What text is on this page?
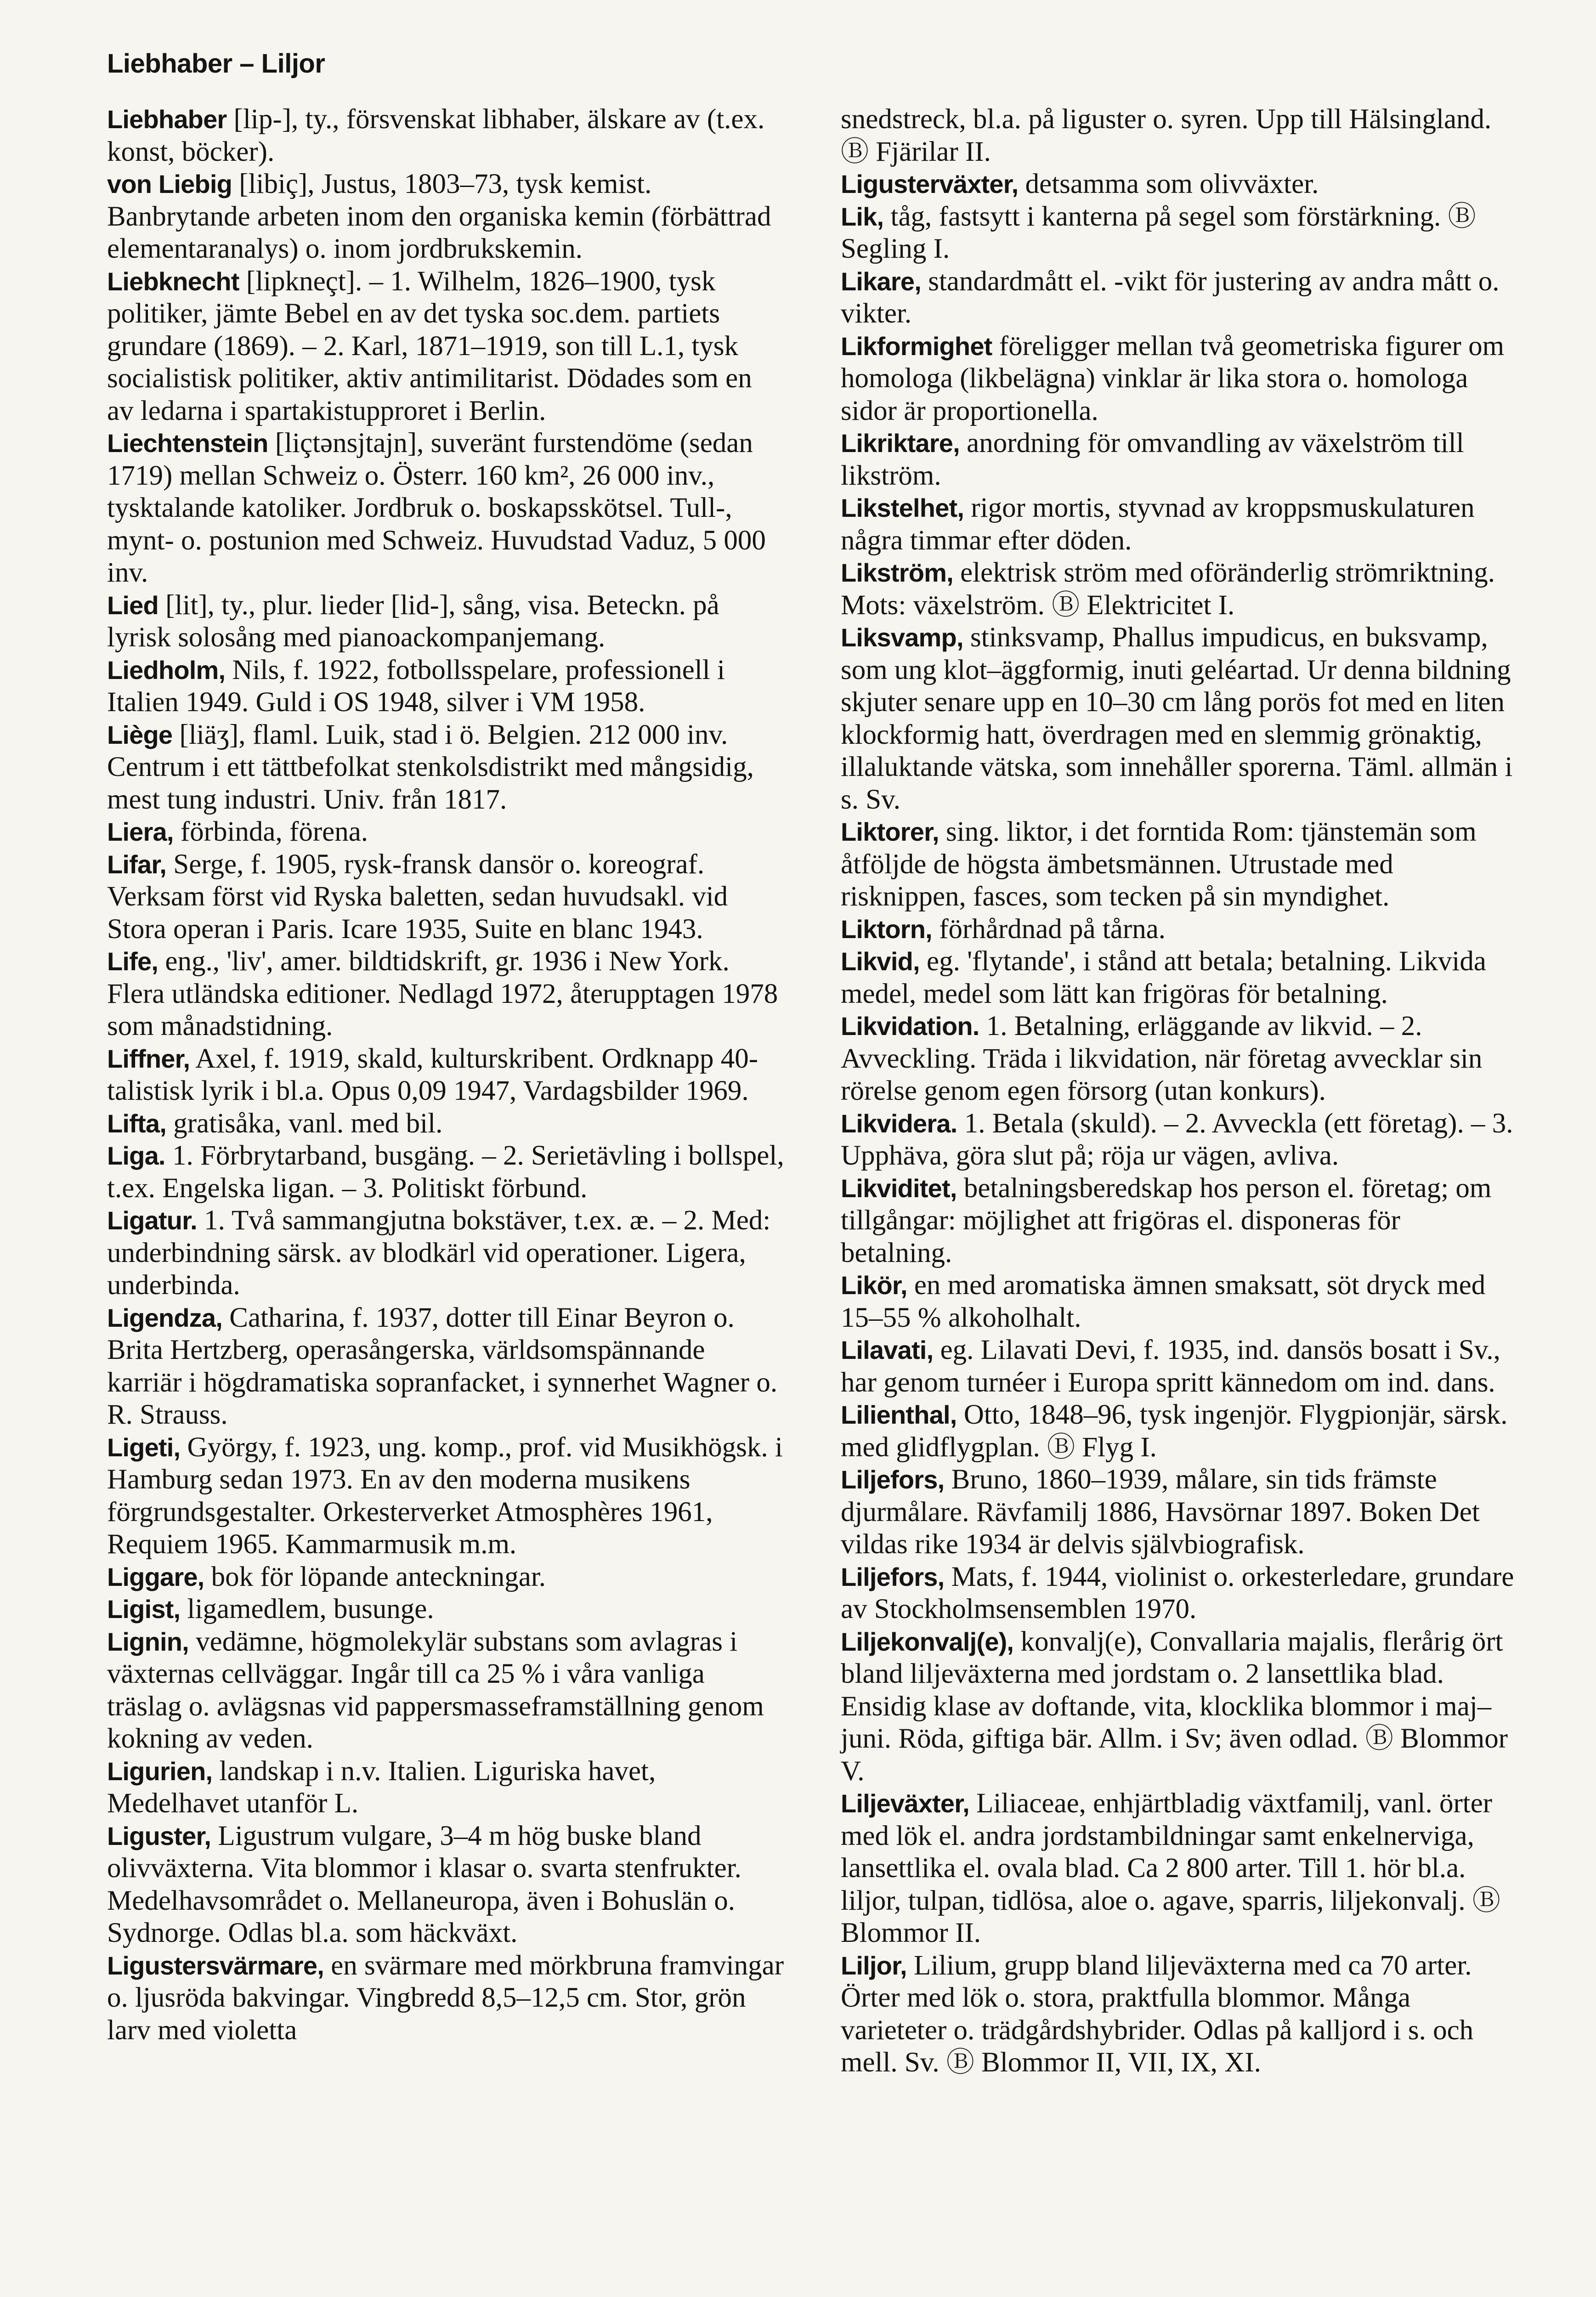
Liebhaber – Liljor

Liebhaber [lip-], ty., försvenskat libhaber, älskare av (t.ex. konst, böcker).

von Liebig [libiç], Justus, 1803–73, tysk kemist. Banbrytande arbeten inom den organiska kemin (förbättrad elementaranalys) o. inom jordbrukskemin.

Liebknecht [lipkneçt]. – 1. Wilhelm, 1826–1900, tysk politiker, jämte Bebel en av det tyska soc.dem. partiets grundare (1869). – 2. Karl, 1871–1919, son till L.1, tysk socialistisk politiker, aktiv antimilitarist. Dödades som en av ledarna i spartakistupproret i Berlin.

Liechtenstein [liçtənsjtajn], suveränt furstendöme (sedan 1719) mellan Schweiz o. Österr. 160 km², 26 000 inv., tysktalande katoliker. Jordbruk o. boskapsskötsel. Tull-, mynt- o. postunion med Schweiz. Huvudstad Vaduz, 5 000 inv.

Lied [lit], ty., plur. lieder [lid-], sång, visa. Beteckn. på lyrisk solosång med pianoackompanjemang.

Liedholm, Nils, f. 1922, fotbollsspelare, professionell i Italien 1949. Guld i OS 1948, silver i VM 1958.

Liège [liäʒ], flaml. Luik, stad i ö. Belgien. 212 000 inv. Centrum i ett tättbefolkat stenkolsdistrikt med mångsidig, mest tung industri. Univ. från 1817.

Liera, förbinda, förena.

Lifar, Serge, f. 1905, rysk-fransk dansör o. koreograf. Verksam först vid Ryska baletten, sedan huvudsakl. vid Stora operan i Paris. Icare 1935, Suite en blanc 1943.

Life, eng., 'liv', amer. bildtidskrift, gr. 1936 i New York. Flera utländska editioner. Nedlagd 1972, återupptagen 1978 som månadstidning.

Liffner, Axel, f. 1919, skald, kulturskribent. Ordknapp 40-talistisk lyrik i bl.a. Opus 0,09 1947, Vardagsbilder 1969.

Lifta, gratisåka, vanl. med bil.

Liga. 1. Förbrytarband, busgäng. – 2. Serietävling i bollspel, t.ex. Engelska ligan. – 3. Politiskt förbund.

Ligatur. 1. Två sammangjutna bokstäver, t.ex. æ. – 2. Med: underbindning särsk. av blodkärl vid operationer. Ligera, underbinda.

Ligendza, Catharina, f. 1937, dotter till Einar Beyron o. Brita Hertzberg, operasångerska, världsomspännande karriär i högdramatiska sopranfacket, i synnerhet Wagner o. R. Strauss.

Ligeti, György, f. 1923, ung. komp., prof. vid Musikhögsk. i Hamburg sedan 1973. En av den moderna musikens förgrundsgestalter. Orkesterverket Atmosphères 1961, Requiem 1965. Kammarmusik m.m.

Liggare, bok för löpande anteckningar.

Ligist, ligamedlem, busunge.

Lignin, vedämne, högmolekylär substans som avlagras i växternas cellväggar. Ingår till ca 25 % i våra vanliga träslag o. avlägsnas vid pappersmasseframställning genom kokning av veden.

Ligurien, landskap i n.v. Italien. Liguriska havet, Medelhavet utanför L.

Liguster, Ligustrum vulgare, 3–4 m hög buske bland olivväxterna. Vita blommor i klasar o. svarta stenfrukter. Medelhavsområdet o. Mellaneuropa, även i Bohuslän o. Sydnorge. Odlas bl.a. som häckväxt.

Ligustersvärmare, en svärmare med mörkbruna framvingar o. ljusröda bakvingar. Vingbredd 8,5–12,5 cm. Stor, grön larv med violetta

snedstreck, bl.a. på liguster o. syren. Upp till Hälsingland. Ⓑ Fjärilar II.

Ligusterväxter, detsamma som olivväxter.

Lik, tåg, fastsytt i kanterna på segel som förstärkning. Ⓑ Segling I.

Likare, standardmått el. -vikt för justering av andra mått o. vikter.

Likformighet föreligger mellan två geometriska figurer om homologa (likbelägna) vinklar är lika stora o. homologa sidor är proportionella.

Likriktare, anordning för omvandling av växelström till likström.

Likstelhet, rigor mortis, styvnad av kroppsmuskulaturen några timmar efter döden.

Likström, elektrisk ström med oföränderlig strömriktning. Mots: växelström. Ⓑ Elektricitet I.

Liksvamp, stinksvamp, Phallus impudicus, en buksvamp, som ung klot–äggformig, inuti geléartad. Ur denna bildning skjuter senare upp en 10–30 cm lång porös fot med en liten klockformig hatt, överdragen med en slemmig grönaktig, illaluktande vätska, som innehåller sporerna. Täml. allmän i s. Sv.

Liktorer, sing. liktor, i det forntida Rom: tjänstemän som åtföljde de högsta ämbetsmännen. Utrustade med risknippen, fasces, som tecken på sin myndighet.

Liktorn, förhårdnad på tårna.

Likvid, eg. 'flytande', i stånd att betala; betalning. Likvida medel, medel som lätt kan frigöras för betalning.

Likvidation. 1. Betalning, erläggande av likvid. – 2. Avveckling. Träda i likvidation, när företag avvecklar sin rörelse genom egen försorg (utan konkurs).

Likvidera. 1. Betala (skuld). – 2. Avveckla (ett företag). – 3. Upphäva, göra slut på; röja ur vägen, avliva.

Likviditet, betalningsberedskap hos person el. företag; om tillgångar: möjlighet att frigöras el. disponeras för betalning.

Likör, en med aromatiska ämnen smaksatt, söt dryck med 15–55 % alkoholhalt.

Lilavati, eg. Lilavati Devi, f. 1935, ind. dansös bosatt i Sv., har genom turnéer i Europa spritt kännedom om ind. dans.

Lilienthal, Otto, 1848–96, tysk ingenjör. Flygpionjär, särsk. med glidflygplan. Ⓑ Flyg I.

Liljefors, Bruno, 1860–1939, målare, sin tids främste djurmålare. Rävfamilj 1886, Havsörnar 1897. Boken Det vildas rike 1934 är delvis självbiografisk.

Liljefors, Mats, f. 1944, violinist o. orkesterledare, grundare av Stockholmsensemblen 1970.

Liljekonvalj(e), konvalj(e), Convallaria majalis, flerårig ört bland liljeväxterna med jordstam o. 2 lansettlika blad. Ensidig klase av doftande, vita, klocklika blommor i maj–juni. Röda, giftiga bär. Allm. i Sv; även odlad. Ⓑ Blommor V.

Liljeväxter, Liliaceae, enhjärtbladig växtfamilj, vanl. örter med lök el. andra jordstambildningar samt enkelnerviga, lansettlika el. ovala blad. Ca 2 800 arter. Till 1. hör bl.a. liljor, tulpan, tidlösa, aloe o. agave, sparris, liljekonvalj. Ⓑ Blommor II.

Liljor, Lilium, grupp bland liljeväxterna med ca 70 arter. Örter med lök o. stora, praktfulla blommor. Många varieteter o. trädgårdshybrider. Odlas på kalljord i s. och mell. Sv. Ⓑ Blommor II, VII, IX, XI.
